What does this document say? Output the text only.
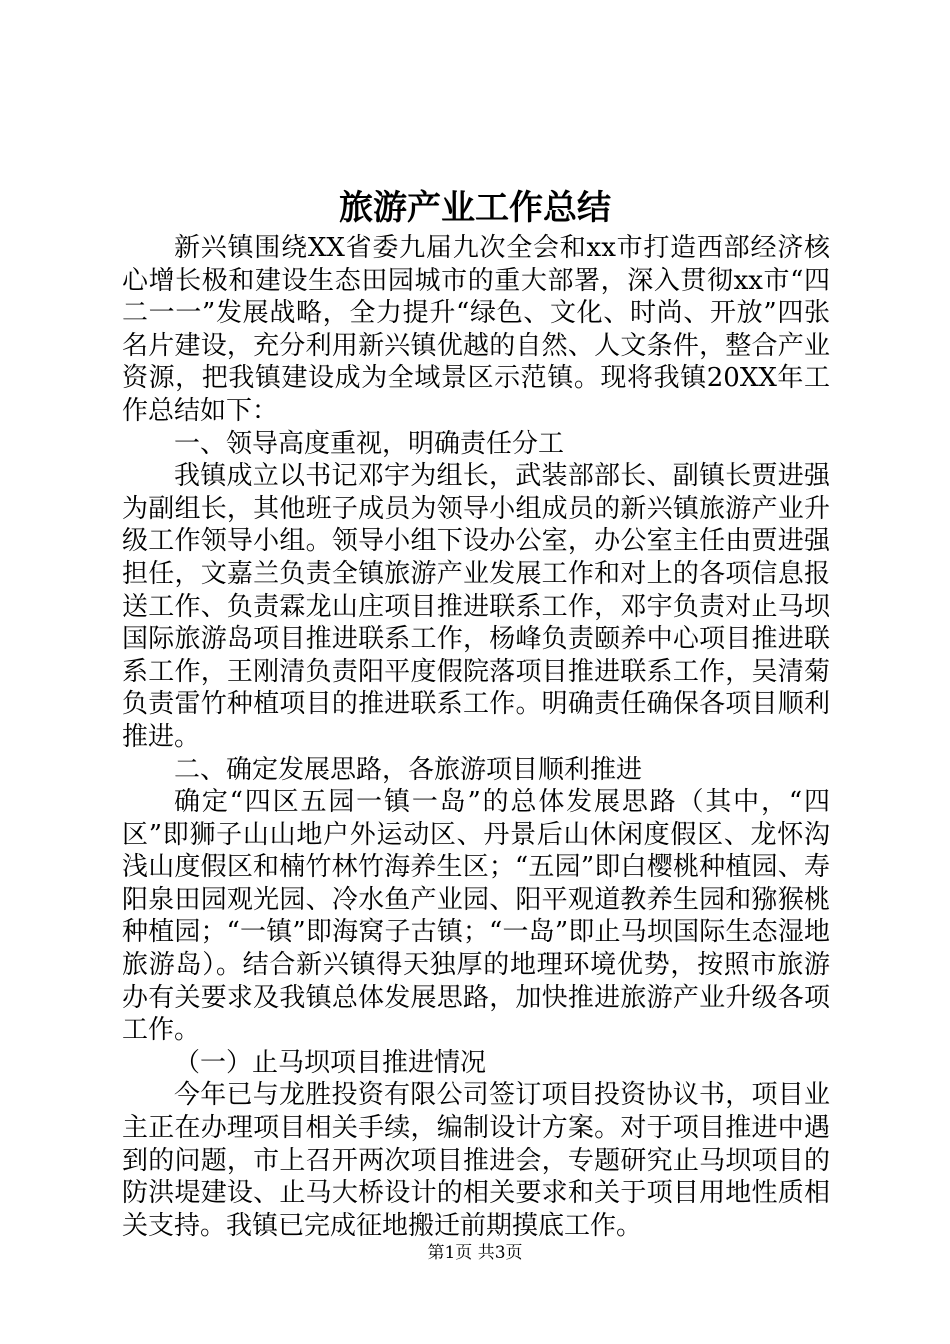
旅游产业工作总结

新兴镇围绕XX省委九届九次全会和xx市打造西部经济核心增长极和建设生态田园城市的重大部署，深入贯彻xx市“四二一一”发展战略，全力提升“绿色、文化、时尚、开放”四张名片建设，充分利用新兴镇优越的自然、人文条件，整合产业资源，把我镇建设成为全域景区示范镇。现将我镇20XX年工作总结如下：

一、领导高度重视，明确责任分工

我镇成立以书记邓宇为组长，武装部部长、副镇长贾进强为副组长，其他班子成员为领导小组成员的新兴镇旅游产业升级工作领导小组。领导小组下设办公室，办公室主任由贾进强担任，文嘉兰负责全镇旅游产业发展工作和对上的各项信息报送工作、负责霖龙山庄项目推进联系工作，邓宇负责对止马坝国际旅游岛项目推进联系工作，杨峰负责颐养中心项目推进联系工作，王刚清负责阳平度假院落项目推进联系工作，吴清菊负责雷竹种植项目的推进联系工作。明确责任确保各项目顺利推进。

二、确定发展思路，各旅游项目顺利推进

确定“四区五园一镇一岛”的总体发展思路（其中，“四区”即狮子山山地户外运动区、丹景后山休闲度假区、龙怀沟浅山度假区和楠竹林竹海养生区；“五园”即白樱桃种植园、寿阳泉田园观光园、冷水鱼产业园、阳平观道教养生园和猕猴桃种植园；“一镇”即海窝子古镇；“一岛”即止马坝国际生态湿地旅游岛）。结合新兴镇得天独厚的地理环境优势，按照市旅游办有关要求及我镇总体发展思路，加快推进旅游产业升级各项工作。

（一）止马坝项目推进情况

今年已与龙胜投资有限公司签订项目投资协议书，项目业主正在办理项目相关手续，编制设计方案。对于项目推进中遇到的问题，市上召开两次项目推进会，专题研究止马坝项目的防洪堤建设、止马大桥设计的相关要求和关于项目用地性质相关支持。我镇已完成征地搬迁前期摸底工作。

第1页 共3页
